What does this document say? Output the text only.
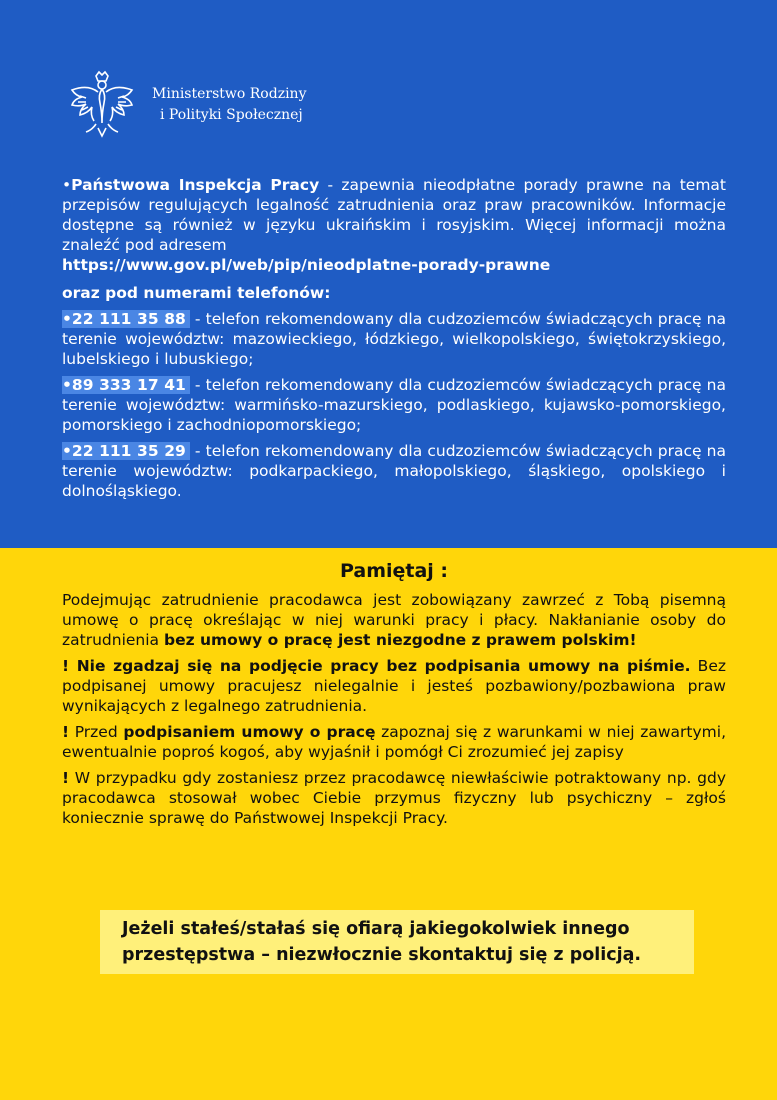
Ministerstwo Rodziny
i Polityki Społecznej

•Państwowa Inspekcja Pracy - zapewnia nieodpłatne porady prawne na temat przepisów regulujących legalność zatrudnienia oraz praw pracowników. Informacje dostępne są również w języku ukraińskim i rosyjskim. Więcej informacji można znaleźć pod adresem

https://www.gov.pl/web/pip/nieodplatne-porady-prawne

oraz pod numerami telefonów:

•22 111 35 88 - telefon rekomendowany dla cudzoziemców świadczących pracę na terenie województw: mazowieckiego, łódzkiego, wielkopolskiego, świętokrzyskiego, lubelskiego i lubuskiego;

•89 333 17 41 - telefon rekomendowany dla cudzoziemców świadczących pracę na terenie województw: warmińsko-mazurskiego, podlaskiego, kujawsko-pomorskiego, pomorskiego i zachodniopomorskiego;

•22 111 35 29 - telefon rekomendowany dla cudzoziemców świadczących pracę na terenie województw: podkarpackiego, małopolskiego, śląskiego, opolskiego i dolnośląskiego.

Pamiętaj :

Podejmując zatrudnienie pracodawca jest zobowiązany zawrzeć z Tobą pisemną umowę o pracę określając w niej warunki pracy i płacy. Nakłanianie osoby do zatrudnienia bez umowy o pracę jest niezgodne z prawem polskim!

! Nie zgadzaj się na podjęcie pracy bez podpisania umowy na piśmie. Bez podpisanej umowy pracujesz nielegalnie i jesteś pozbawiony/pozbawiona praw wynikających z legalnego zatrudnienia.

! Przed podpisaniem umowy o pracę zapoznaj się z warunkami w niej zawartymi, ewentualnie poproś kogoś, aby wyjaśnił i pomógł Ci zrozumieć jej zapisy

! W przypadku gdy zostaniesz przez pracodawcę niewłaściwie potraktowany np. gdy pracodawca stosował wobec Ciebie przymus fizyczny lub psychiczny – zgłoś koniecznie sprawę do Państwowej Inspekcji Pracy.

Jeżeli stałeś/stałaś się ofiarą jakiegokolwiek innego
przestępstwa – niezwłocznie skontaktuj się z policją.
